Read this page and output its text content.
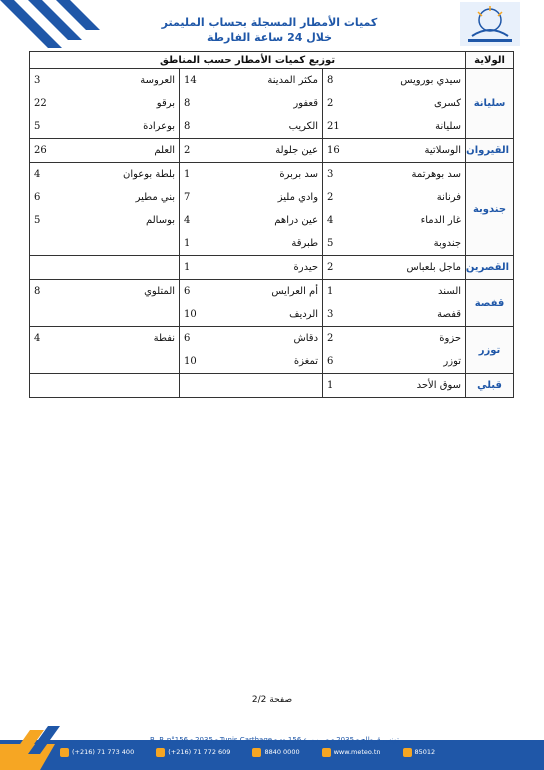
كميات الأمطار المسجلة بحساب المليمتر
خلال 24 ساعة الفارطة
الولاية	توزيع كميات الأمطار حسب المناطق					
سليانة	سيدي بورويس	8	مكثر المدينة	14	العروسة	3
	كسرى	2	قعفور	8	برقو	22
	سليانة	21	الكريب	8	بوعرادة	5
القيروان	الوسلاتية	16	عين جلولة	2	العلم	26
جندوبة	سد بوهرتمة	3	سد بربرة	1	بلطة بوعوان	4
	فرنانة	2	وادي مليز	7	بني مطير	6
	غار الدماء	4	عين دراهم	4	بوسالم	5
	جندوبة	5	طبرقة	1		
القصرين	ماجل بلعباس	2	حيدرة	1		
قفصة	السند	1	أم العرايس	6	المتلوي	8
	قفصة	3	الرديف	10		
توزر	حزوة	2	دقاش	6	نفطة	4
	توزر	6	تمغزة	10		
قبلي	سوق الأحد	1				
صفحة 2/2
B. P. n°156 - 2035 - Tunis Carthage - تونس قرطاج - 2035 - ص.ب. عـ156ـدد
(+216) 71 773 400	(+216) 71 772 609	8840 0000	www.meteo.tn	85012
